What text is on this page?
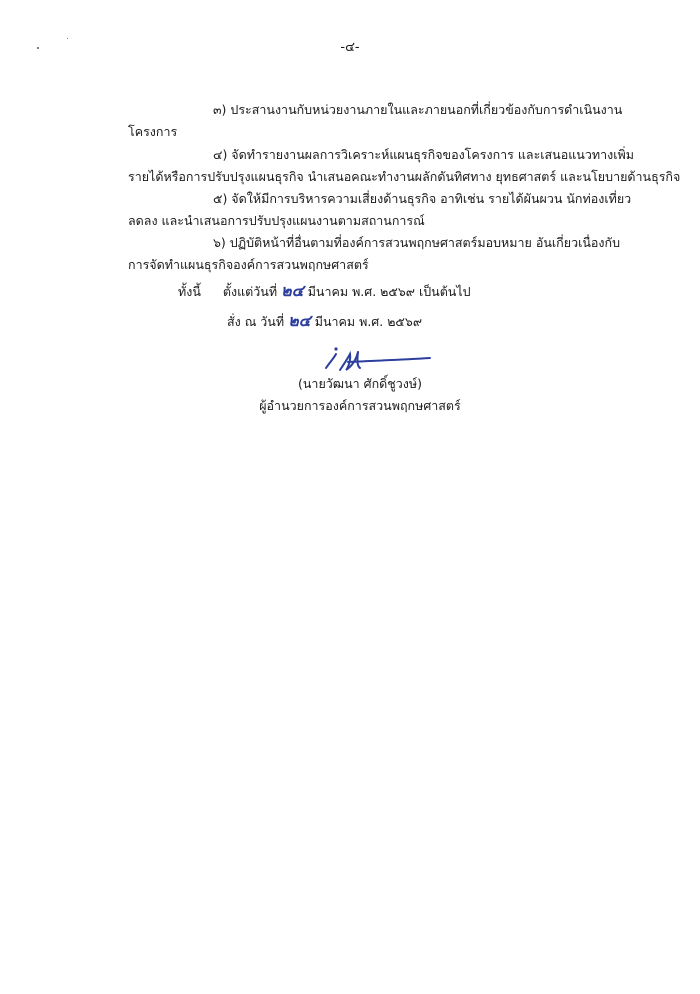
-๔-
๓) ประสานงานกับหน่วยงานภายในและภายนอกที่เกี่ยวข้องกับการดำเนินงาน
โครงการ
๔) จัดทำรายงานผลการวิเคราะห์แผนธุรกิจของโครงการ และเสนอแนวทางเพิ่ม
รายได้หรือการปรับปรุงแผนธุรกิจ นำเสนอคณะทำงานผลักดันทิศทาง ยุทธศาสตร์ และนโยบายด้านธุรกิจ
๕) จัดให้มีการบริหารความเสี่ยงด้านธุรกิจ อาทิเช่น รายได้ผันผวน นักท่องเที่ยว
ลดลง และนำเสนอการปรับปรุงแผนงานตามสถานการณ์
๖) ปฏิบัติหน้าที่อื่นตามที่องค์การสวนพฤกษศาสตร์มอบหมาย อันเกี่ยวเนื่องกับ
การจัดทำแผนธุรกิจองค์การสวนพฤกษศาสตร์
ทั้งนี้ ตั้งแต่วันที่ ๒๔ มีนาคม พ.ศ. ๒๕๖๙ เป็นต้นไป
สั่ง ณ วันที่ ๒๔ มีนาคม พ.ศ. ๒๕๖๙
(นายวัฒนา ศักดิ์ชูวงษ์)
ผู้อำนวยการองค์การสวนพฤกษศาสตร์
